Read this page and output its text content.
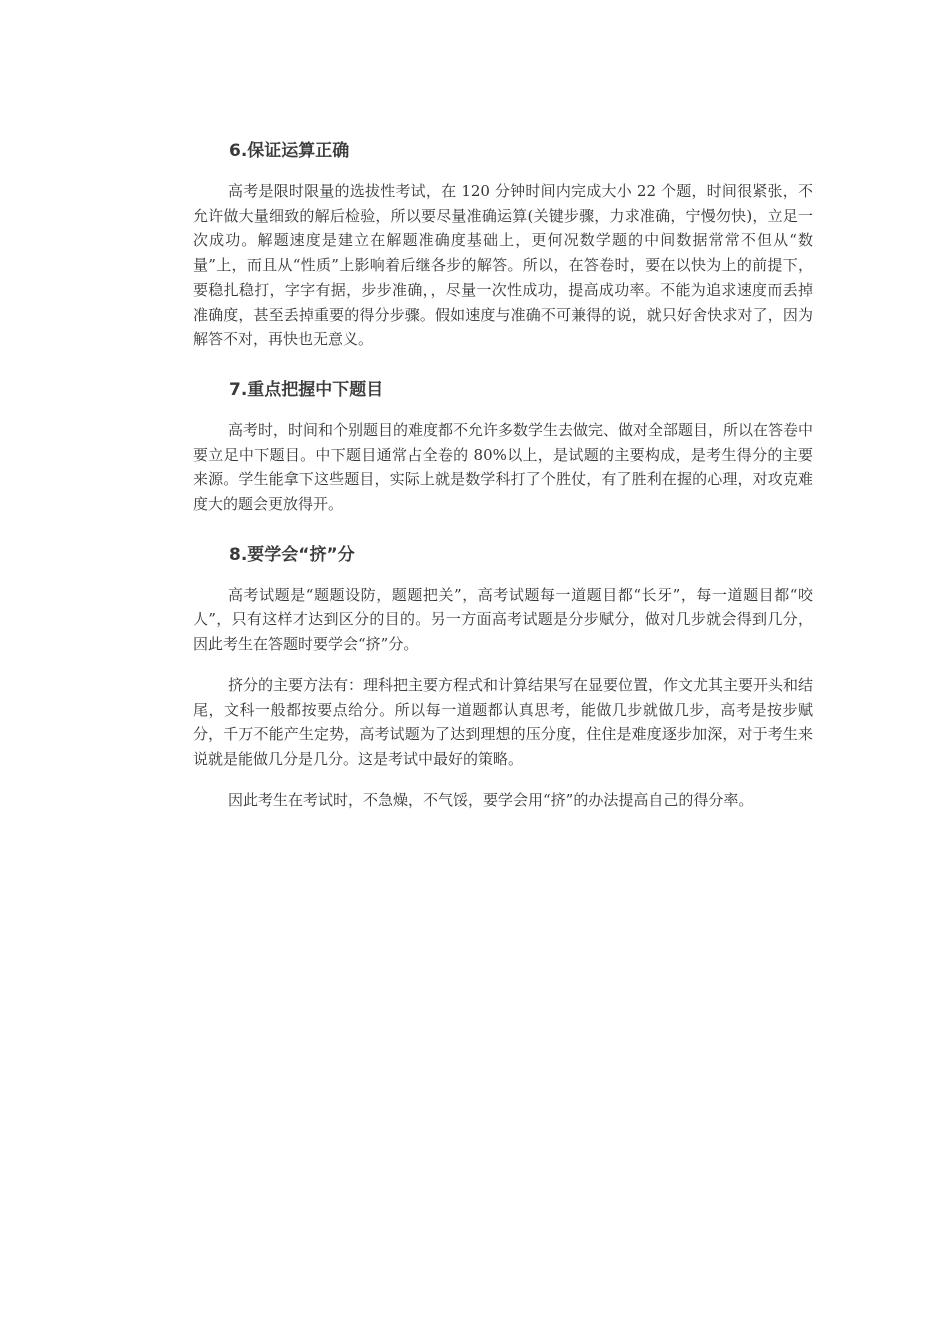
6.保证运算正确

高考是限时限量的选拔性考试，在 120 分钟时间内完成大小 22 个题，时间很紧张，不允许做大量细致的解后检验，所以要尽量准确运算(关键步骤，力求准确，宁慢勿快)，立足一次成功。解题速度是建立在解题准确度基础上，更何况数学题的中间数据常常不但从“数量”上，而且从“性质”上影响着后继各步的解答。所以，在答卷时，要在以快为上的前提下，要稳扎稳打，字字有据，步步准确，，尽量一次性成功，提高成功率。不能为追求速度而丢掉准确度，甚至丢掉重要的得分步骤。假如速度与准确不可兼得的说，就只好舍快求对了，因为解答不对，再快也无意义。

7.重点把握中下题目

高考时，时间和个别题目的难度都不允许多数学生去做完、做对全部题目，所以在答卷中要立足中下题目。中下题目通常占全卷的 80%以上，是试题的主要构成，是考生得分的主要来源。学生能拿下这些题目，实际上就是数学科打了个胜仗，有了胜利在握的心理，对攻克难度大的题会更放得开。

8.要学会“挤”分

高考试题是“题题设防，题题把关”，高考试题每一道题目都“长牙”，每一道题目都“咬人”，只有这样才达到区分的目的。另一方面高考试题是分步赋分，做对几步就会得到几分，因此考生在答题时要学会“挤”分。

挤分的主要方法有：理科把主要方程式和计算结果写在显要位置，作文尤其主要开头和结尾，文科一般都按要点给分。所以每一道题都认真思考，能做几步就做几步，高考是按步赋分，千万不能产生定势，高考试题为了达到理想的压分度，住住是难度逐步加深，对于考生来说就是能做几分是几分。这是考试中最好的策略。

因此考生在考试时，不急燥，不气馁，要学会用“挤”的办法提高自己的得分率。
